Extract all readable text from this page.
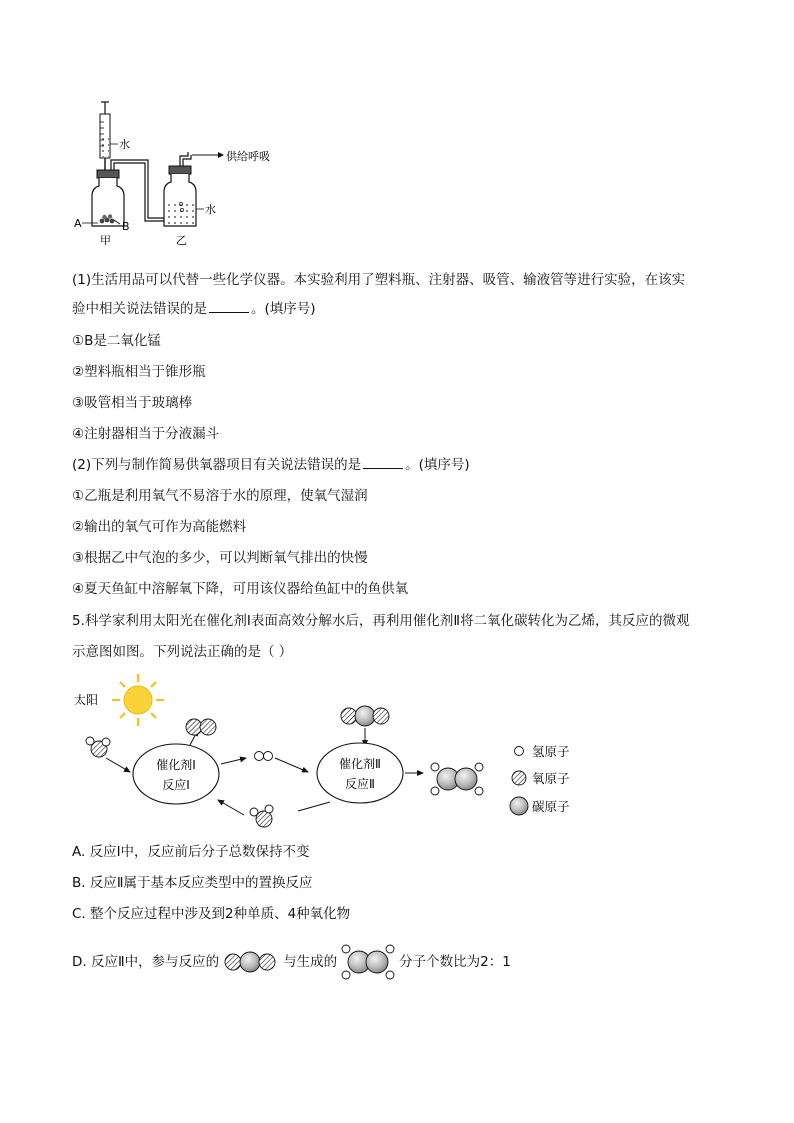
水
A	B
甲
供给呼吸
水
乙
(1)生活用品可以代替一些化学仪器。本实验利用了塑料瓶、注射器、吸管、输液管等进行实验，在该实
验中相关说法错误的是	。(填序号)
①B是二氧化锰
②塑料瓶相当于锥形瓶
③吸管相当于玻璃棒
④注射器相当于分液漏斗
(2)下列与制作简易供氧器项目有关说法错误的是	。(填序号)
①乙瓶是利用氧气不易溶于水的原理，使氧气湿润
②输出的氧气可作为高能燃料
③根据乙中气泡的多少，可以判断氧气排出的快慢
④夏天鱼缸中溶解氧下降，可用该仪器给鱼缸中的鱼供氧
5.科学家利用太阳光在催化剂Ⅰ表面高效分解水后，再利用催化剂Ⅱ将二氧化碳转化为乙烯，其反应的微观
示意图如图。下列说法正确的是（ ）
太阳
催化剂Ⅰ
反应Ⅰ
催化剂Ⅱ
反应Ⅱ
氢原子
氧原子
碳原子
A. 反应Ⅰ中，反应前后分子总数保持不变
B. 反应Ⅱ属于基本反应类型中的置换反应
C. 整个反应过程中涉及到2种单质、4种氧化物
D. 反应Ⅱ中，参与反应的	与生成的	分子个数比为2：1
